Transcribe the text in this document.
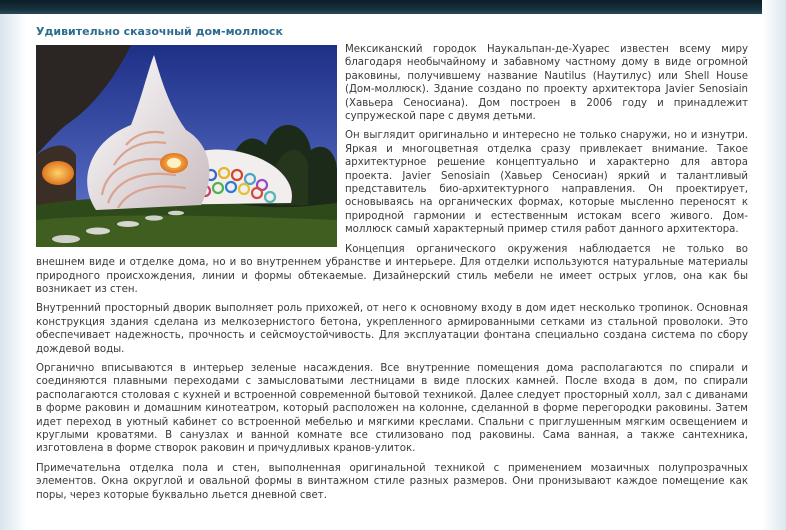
Удивительно сказочный дом-моллюск

Мексиканский городок Наукальпан-де-Хуарес известен всему миру благодаря необычайному и забавному частному дому в виде огромной раковины, получившему название Nautilus (Наутилус) или Shell House (Дом-моллюск). Здание создано по проекту архитектора Javier Senosiain (Хавьера Сеносиана). Дом построен в 2006 году и принадлежит супружеской паре с двумя детьми.

Он выглядит оригинально и интересно не только снаружи, но и изнутри. Яркая и многоцветная отделка сразу привлекает внимание. Такое архитектурное решение концептуально и характерно для автора проекта. Javier Senosiain (Хавьер Сеносиан) яркий и талантливый представитель био-архитектурного направления. Он проектирует, основываясь на органических формах, которые мысленно переносят к природной гармонии и естественным истокам всего живого. Дом-моллюск самый характерный пример стиля работ данного архитектора.

Концепция органического окружения наблюдается не только во внешнем виде и отделке дома, но и во внутреннем убранстве и интерьере. Для отделки используются натуральные материалы природного происхождения, линии и формы обтекаемые. Дизайнерский стиль мебели не имеет острых углов, она как бы возникает из стен.

Внутренний просторный дворик выполняет роль прихожей, от него к основному входу в дом идет несколько тропинок. Основная конструкция здания сделана из мелкозернистого бетона, укрепленного армированными сетками из стальной проволоки. Это обеспечивает надежность, прочность и сейсмоустойчивость. Для эксплуатации фонтана специально создана система по сбору дождевой воды.

Органично вписываются в интерьер зеленые насаждения. Все внутренние помещения дома располагаются по спирали и соединяются плавными переходами с замысловатыми лестницами в виде плоских камней. После входа в дом, по спирали располагаются столовая с кухней и встроенной современной бытовой техникой. Далее следует просторный холл, зал с диванами в форме раковин и домашним кинотеатром, который расположен на колонне, сделанной в форме перегородки раковины. Затем идет переход в уютный кабинет со встроенной мебелью и мягкими креслами. Спальни с приглушенным мягким освещением и круглыми кроватями. В санузлах и ванной комнате все стилизовано под раковины. Сама ванная, а также сантехника, изготовлена в форме створок раковин и причудливых кранов-улиток.

Примечательна отделка пола и стен, выполненная оригинальной техникой с применением мозаичных полупрозрачных элементов. Окна округлой и овальной формы в винтажном стиле разных размеров. Они пронизывают каждое помещение как поры, через которые буквально льется дневной свет.
